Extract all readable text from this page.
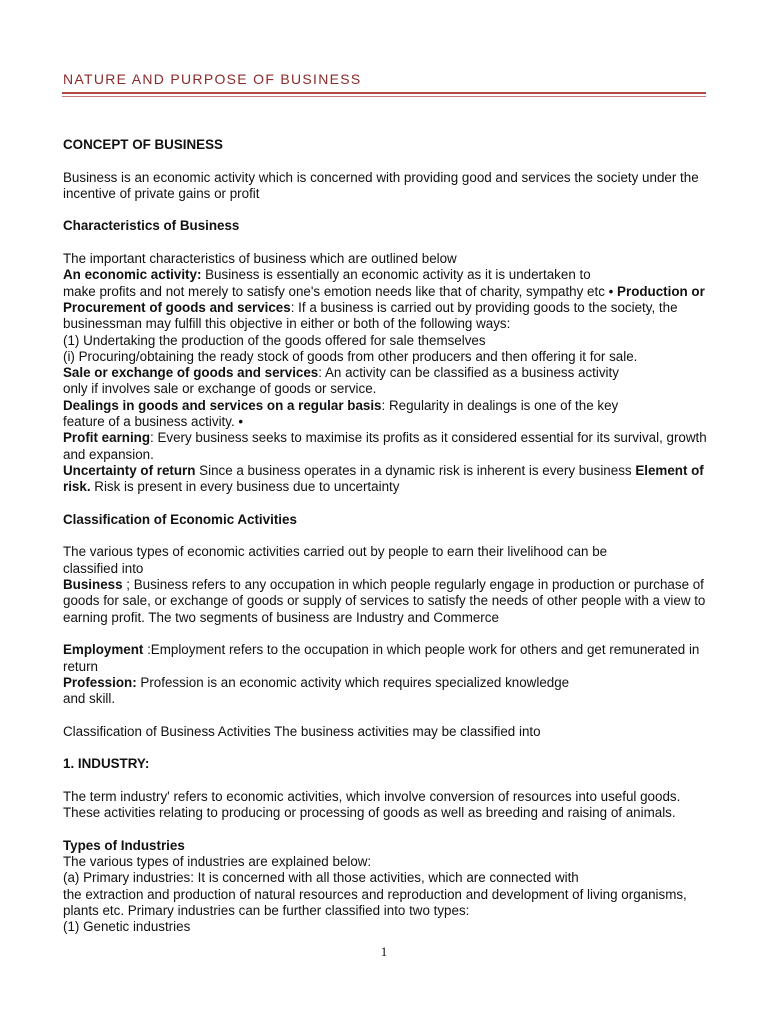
NATURE AND PURPOSE OF BUSINESS

CONCEPT OF BUSINESS

Business is an economic activity which is concerned with providing good and services the society under the incentive of private gains or profit

Characteristics of Business

The important characteristics of business which are outlined below

An economic activity: Business is essentially an economic activity as it is undertaken to

make profits and not merely to satisfy one's emotion needs like that of charity, sympathy etc • Production or Procurement of goods and services: If a business is carried out by providing goods to the society, the businessman may fulfill this objective in either or both of the following ways:

(1) Undertaking the production of the goods offered for sale themselves

(i) Procuring/obtaining the ready stock of goods from other producers and then offering it for sale.

Sale or exchange of goods and services: An activity can be classified as a business activity

only if involves sale or exchange of goods or service.

Dealings in goods and services on a regular basis: Regularity in dealings is one of the key

feature of a business activity. •

Profit earning: Every business seeks to maximise its profits as it considered essential for its survival, growth and expansion.

Uncertainty of return Since a business operates in a dynamic risk is inherent is every business Element of risk. Risk is present in every business due to uncertainty

Classification of Economic Activities

The various types of economic activities carried out by people to earn their livelihood can be

classified into

Business ; Business refers to any occupation in which people regularly engage in production or purchase of goods for sale, or exchange of goods or supply of services to satisfy the needs of other people with a view to earning profit. The two segments of business are Industry and Commerce

Employment :Employment refers to the occupation in which people work for others and get remunerated in return

Profession: Profession is an economic activity which requires specialized knowledge

and skill.

Classification of Business Activities The business activities may be classified into

1. INDUSTRY:

The term industry' refers to economic activities, which involve conversion of resources into useful goods. These activities relating to producing or processing of goods as well as breeding and raising of animals.

Types of Industries

The various types of industries are explained below:

(a) Primary industries: It is concerned with all those activities, which are connected with

the extraction and production of natural resources and reproduction and development of living organisms, plants etc. Primary industries can be further classified into two types:

(1) Genetic industries

1
